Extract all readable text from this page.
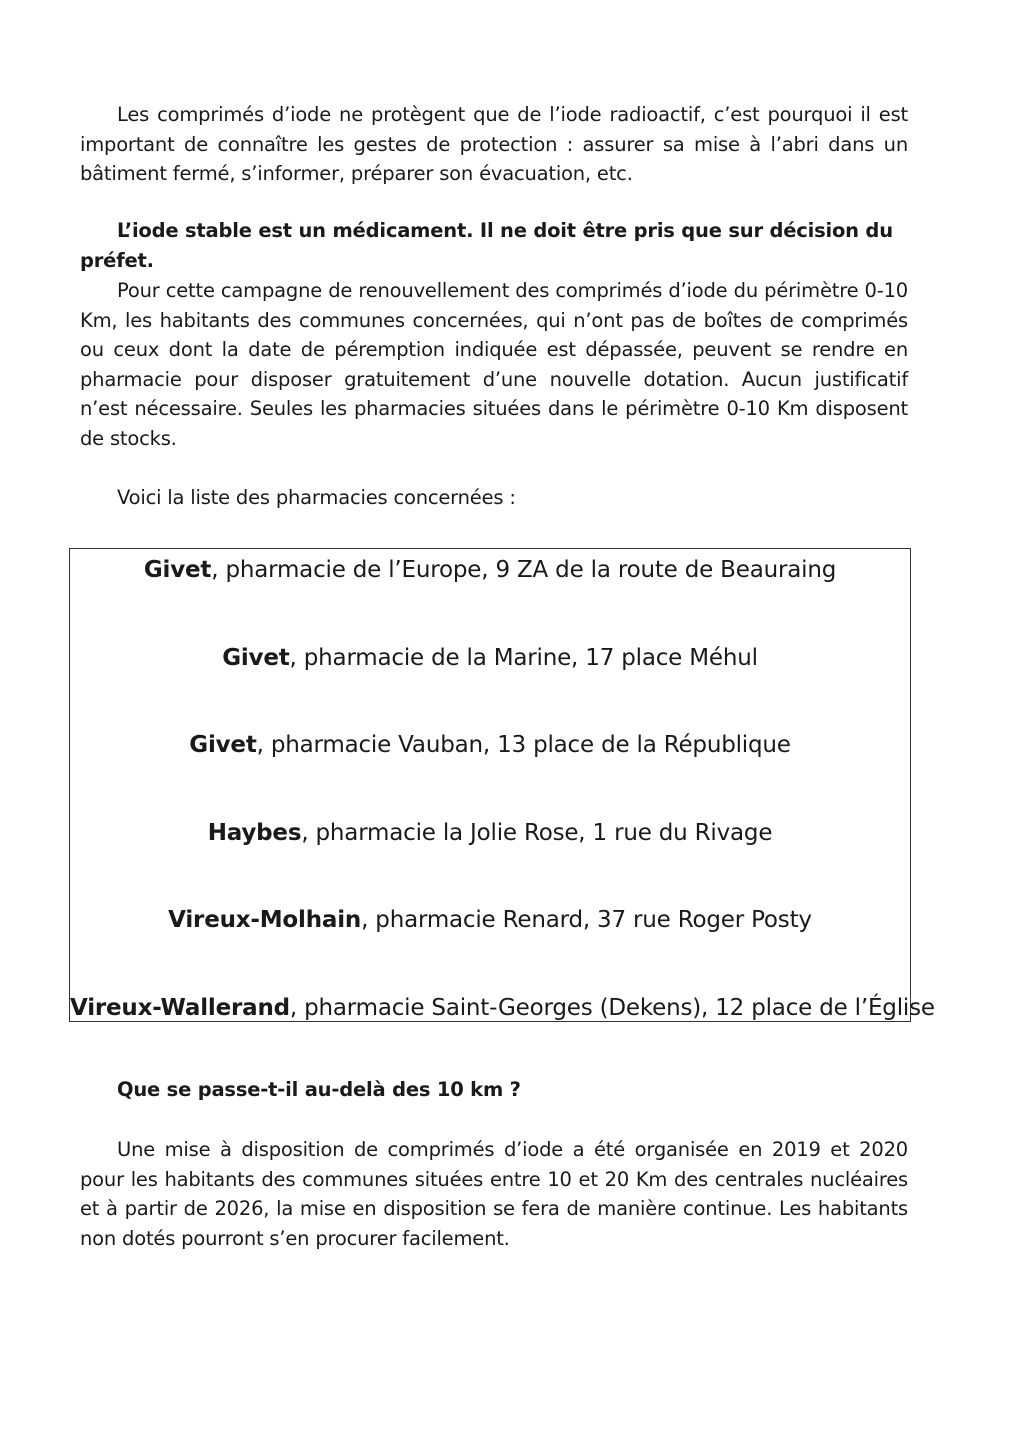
Les comprimés d’iode ne protègent que de l’iode radioactif, c’est pourquoi il est important de connaître les gestes de protection : assurer sa mise à l’abri dans un bâtiment fermé, s’informer, préparer son évacuation, etc.

L’iode stable est un médicament. Il ne doit être pris que sur décision du préfet.

Pour cette campagne de renouvellement des comprimés d’iode du périmètre 0-10 Km, les habitants des communes concernées, qui n’ont pas de boîtes de comprimés ou ceux dont la date de péremption indiquée est dépassée, peuvent se rendre en pharmacie pour disposer gratuitement d’une nouvelle dotation. Aucun justificatif n’est nécessaire. Seules les pharmacies situées dans le périmètre 0-10 Km disposent de stocks.

Voici la liste des pharmacies concernées :

Givet, pharmacie de l’Europe, 9 ZA de la route de Beauraing
Givet, pharmacie de la Marine, 17 place Méhul
Givet, pharmacie Vauban, 13 place de la République
Haybes, pharmacie la Jolie Rose, 1 rue du Rivage
Vireux-Molhain, pharmacie Renard, 37 rue Roger Posty
Vireux-Wallerand, pharmacie Saint-Georges (Dekens), 12 place de l’Église

Que se passe-t-il au-delà des 10 km ?

Une mise à disposition de comprimés d’iode a été organisée en 2019 et 2020 pour les habitants des communes situées entre 10 et 20 Km des centrales nucléaires et à partir de 2026, la mise en disposition se fera de manière continue. Les habitants non dotés pourront s’en procurer facilement.
